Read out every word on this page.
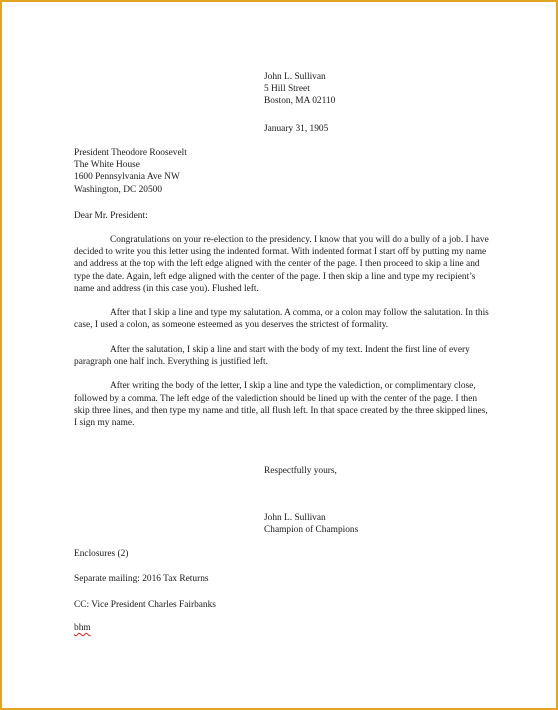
John L. Sullivan
5 Hill Street
Boston, MA 02110
January 31, 1905
President Theodore Roosevelt
The White House
1600 Pennsylvania Ave NW
Washington, DC 20500
Dear Mr. President:

Congratulations on your re-election to the presidency. I know that you will do a bully of a job. I have decided to write you this letter using the indented format. With indented format I start off by putting my name and address at the top with the left edge aligned with the center of the page. I then proceed to skip a line and type the date. Again, left edge aligned with the center of the page. I then skip a line and type my recipient’s name and address (in this case you). Flushed left.

After that I skip a line and type my salutation. A comma, or a colon may follow the salutation. In this case, I used a colon, as someone esteemed as you deserves the strictest of formality.

After the salutation, I skip a line and start with the body of my text. Indent the first line of every paragraph one half inch. Everything is justified left.

After writing the body of the letter, I skip a line and type the valediction, or complimentary close, followed by a comma. The left edge of the valediction should be lined up with the center of the page. I then skip three lines, and then type my name and title, all flush left. In that space created by the three skipped lines, I sign my name.

Respectfully yours,
John L. Sullivan
Champion of Champions
Enclosures (2)
Separate mailing: 2016 Tax Returns
CC: Vice President Charles Fairbanks
bhm
